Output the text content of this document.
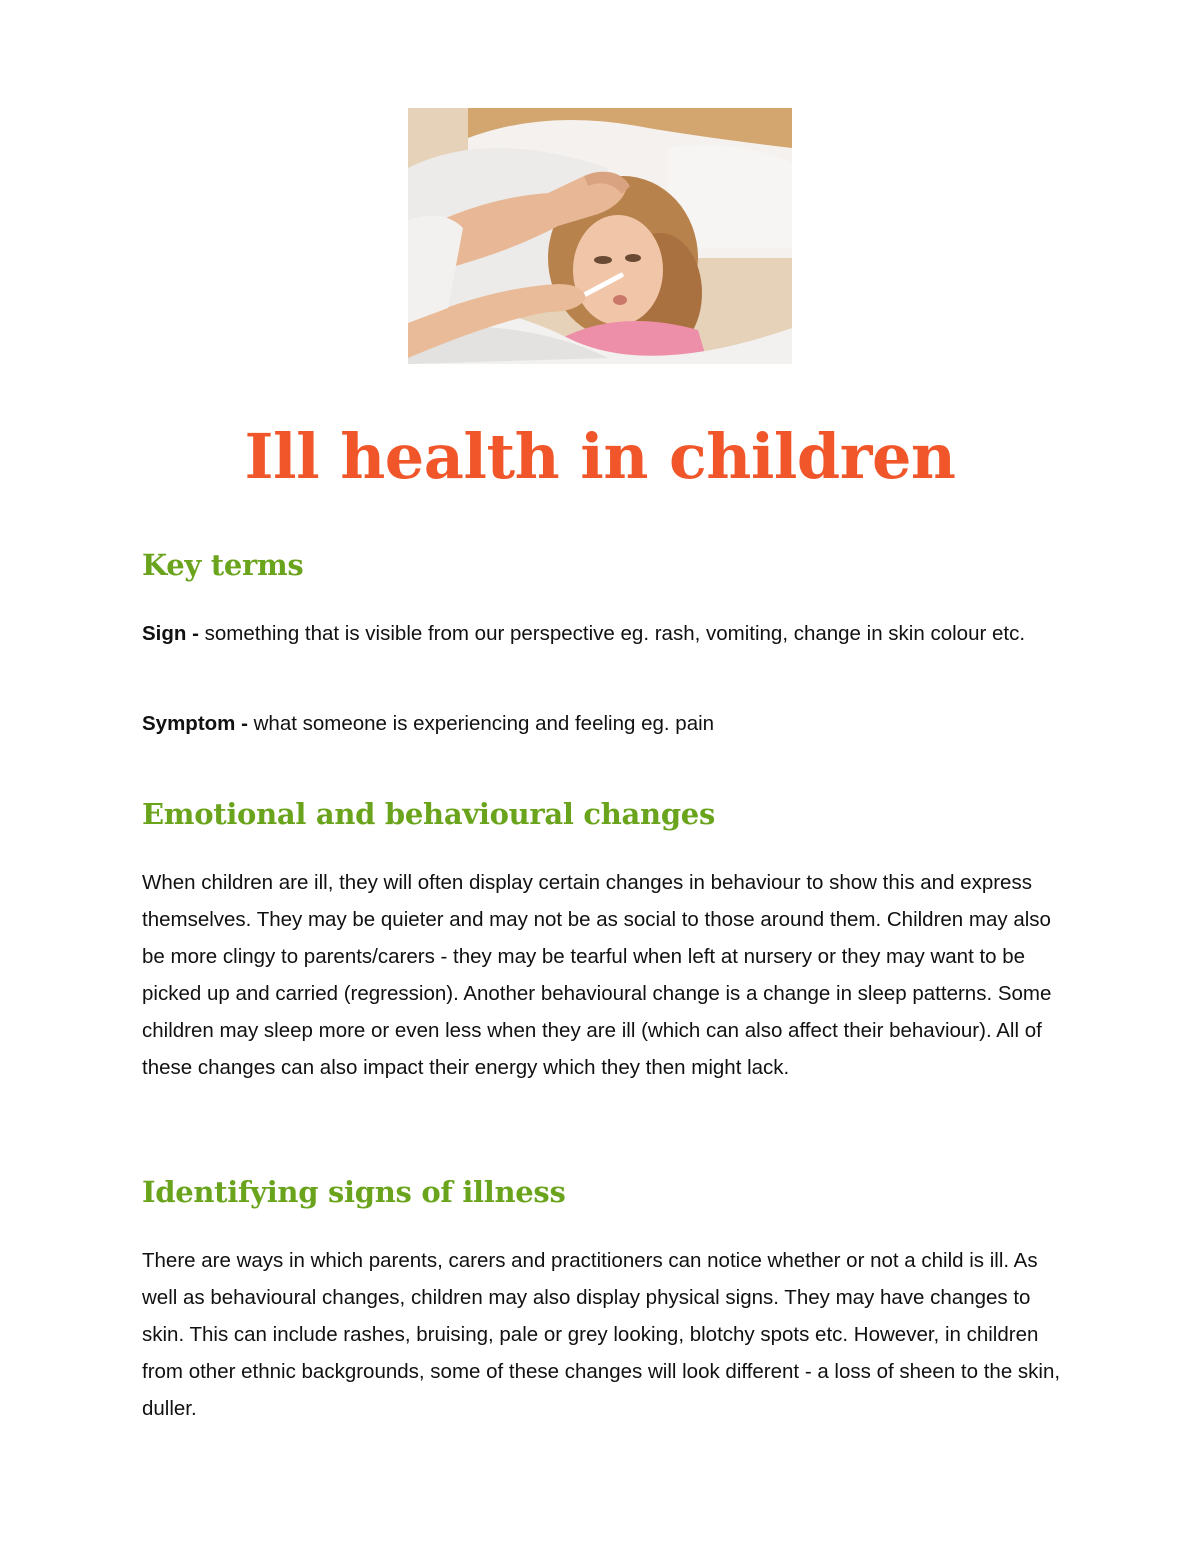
Ill health in children
Key terms

Sign - something that is visible from our perspective eg. rash, vomiting, change in skin colour etc.

Symptom - what someone is experiencing and feeling eg. pain

Emotional and behavioural changes

When children are ill, they will often display certain changes in behaviour to show this and express themselves. They may be quieter and may not be as social to those around them. Children may also be more clingy to parents/carers - they may be tearful when left at nursery or they may want to be picked up and carried (regression). Another behavioural change is a change in sleep patterns. Some children may sleep more or even less when they are ill (which can also affect their behaviour). All of these changes can also impact their energy which they then might lack.

Identifying signs of illness

There are ways in which parents, carers and practitioners can notice whether or not a child is ill. As well as behavioural changes, children may also display physical signs. They may have changes to skin. This can include rashes, bruising, pale or grey looking, blotchy spots etc. However, in children from other ethnic backgrounds, some of these changes will look different - a loss of sheen to the skin, duller.
